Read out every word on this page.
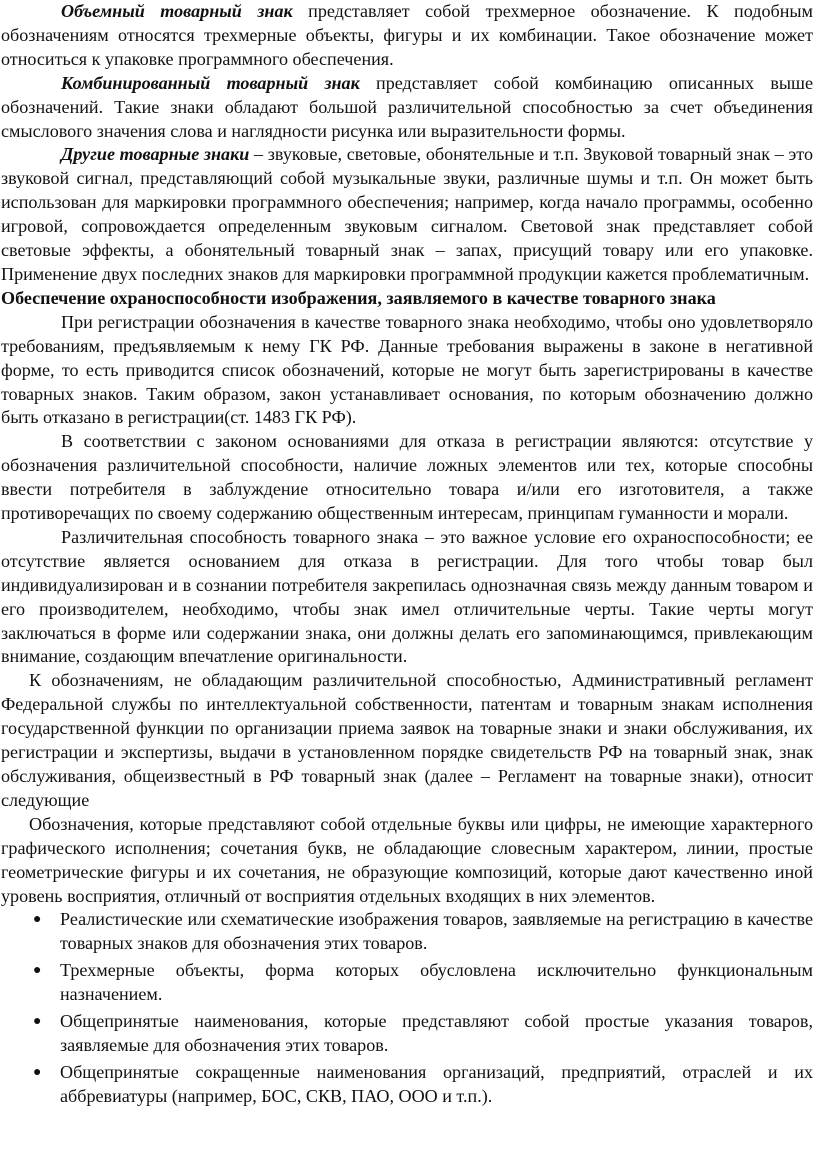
Объемный товарный знак представляет собой трехмерное обозначение. К подобным обозначениям относятся трехмерные объекты, фигуры и их комбинации. Такое обозначение может относиться к упаковке программного обеспечения.

Комбинированный товарный знак представляет собой комбинацию описанных выше обозначений. Такие знаки обладают большой различительной способностью за счет объединения смыслового значения слова и наглядности рисунка или выразительности формы.

Другие товарные знаки – звуковые, световые, обонятельные и т.п. Звуковой товарный знак – это звуковой сигнал, представляющий собой музыкальные звуки, различные шумы и т.п. Он может быть использован для маркировки программного обеспечения; например, когда начало программы, особенно игровой, сопровождается определенным звуковым сигналом. Световой знак представляет собой световые эффекты, а обонятельный товарный знак – запах, присущий товару или его упаковке. Применение двух последних знаков для маркировки программной продукции кажется проблематичным.

Обеспечение охраноспособности изображения, заявляемого в качестве товарного знака

При регистрации обозначения в качестве товарного знака необходимо, чтобы оно удовлетворяло требованиям, предъявляемым к нему ГК РФ. Данные требования выражены в законе в негативной форме, то есть приводится список обозначений, которые не могут быть зарегистрированы в качестве товарных знаков. Таким образом, закон устанавливает основания, по которым обозначению должно быть отказано в регистрации(ст. 1483 ГК РФ).

В соответствии с законом основаниями для отказа в регистрации являются: отсутствие у обозначения различительной способности, наличие ложных элементов или тех, которые способны ввести потребителя в заблуждение относительно товара и/или его изготовителя, а также противоречащих по своему содержанию общественным интересам, принципам гуманности и морали.

Различительная способность товарного знака – это важное условие его охраноспособности; ее отсутствие является основанием для отказа в регистрации. Для того чтобы товар был индивидуализирован и в сознании потребителя закрепилась однозначная связь между данным товаром и его производителем, необходимо, чтобы знак имел отличительные черты. Такие черты могут заключаться в форме или содержании знака, они должны делать его запоминающимся, привлекающим внимание, создающим впечатление оригинальности.

К обозначениям, не обладающим различительной способностью, Административный регламент Федеральной службы по интеллектуальной собственности, патентам и товарным знакам исполнения государственной функции по организации приема заявок на товарные знаки и знаки обслуживания, их регистрации и экспертизы, выдачи в установленном порядке свидетельств РФ на товарный знак, знак обслуживания, общеизвестный в РФ товарный знак (далее – Регламент на товарные знаки), относит следующие

Обозначения, которые представляют собой отдельные буквы или цифры, не имеющие характерного графического исполнения; сочетания букв, не обладающие словесным характером, линии, простые геометрические фигуры и их сочетания, не образующие композиций, которые дают качественно иной уровень восприятия, отличный от восприятия отдельных входящих в них элементов.

● Реалистические или схематические изображения товаров, заявляемые на регистрацию в качестве товарных знаков для обозначения этих товаров.
● Трехмерные объекты, форма которых обусловлена исключительно функциональным назначением.
● Общепринятые наименования, которые представляют собой простые указания товаров, заявляемые для обозначения этих товаров.
● Общепринятые сокращенные наименования организаций, предприятий, отраслей и их аббревиатуры (например, БОС, СКВ, ПАО, ООО и т.п.).
